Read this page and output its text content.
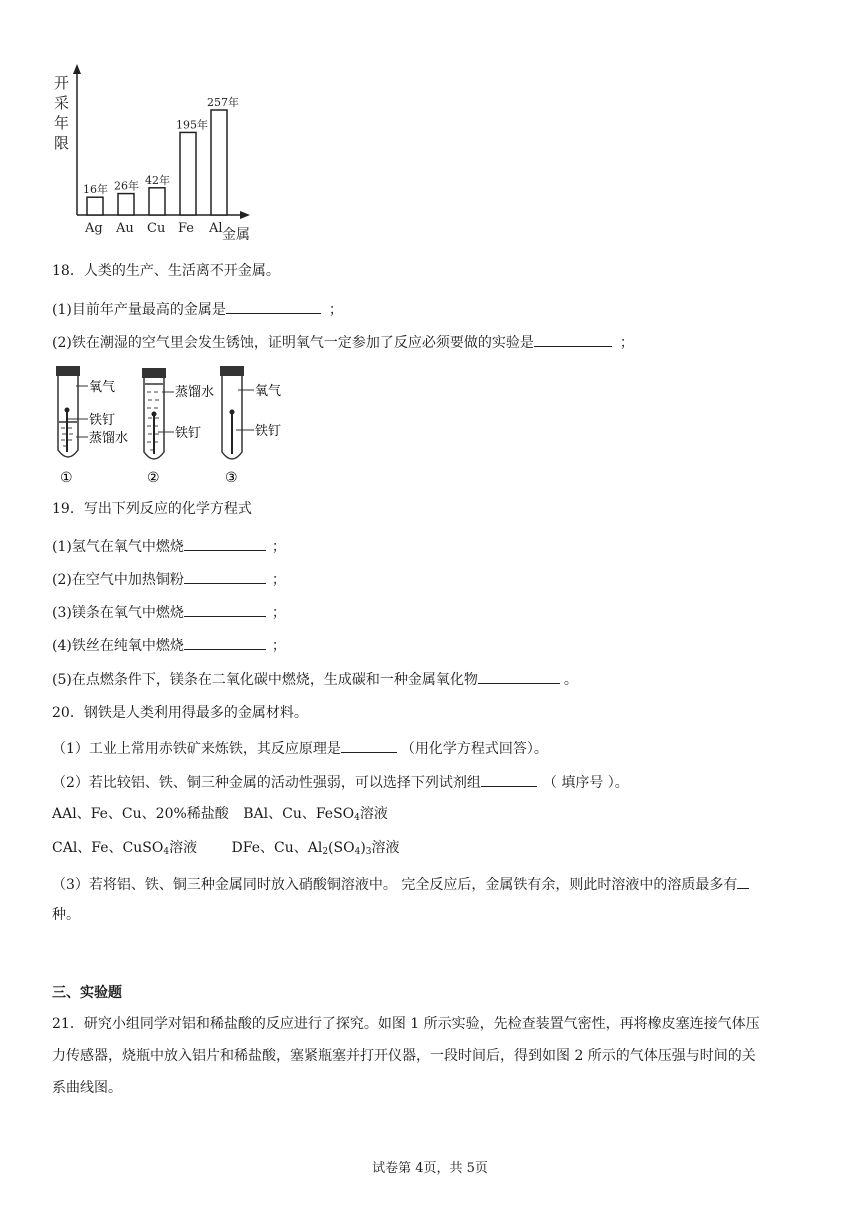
开
采
年
限
金属
16年
Ag
26年
Au
42年
Cu
195年
Fe
257年
Al
18．人类的生产、生活离不开金属。
(1)目前年产量最高的金属是	；
(2)铁在潮湿的空气里会发生锈蚀，证明氧气一定参加了反应必须要做的实验是	；
氧气
铁钉
蒸馏水
①
蒸馏水
铁钉
②
氧气
铁钉
③
19．写出下列反应的化学方程式
(1)氢气在氧气中燃烧	；
(2)在空气中加热铜粉	；
(3)镁条在氧气中燃烧	；
(4)铁丝在纯氧中燃烧	；
(5)在点燃条件下，镁条在二氧化碳中燃烧，生成碳和一种金属氧化物	。
20．钢铁是人类利用得最多的金属材料。
（1）工业上常用赤铁矿来炼铁，其反应原理是	（用化学方程式回答）。
（2）若比较铝、铁、铜三种金属的活动性强弱，可以选择下列试剂组	（ 填序号 ）。
AAl、Fe、Cu、20%稀盐酸 BAl、Cu、FeSO$_4$溶液
CAl、Fe、CuSO$_4$溶液 DFe、Cu、$Al_2(SO_4)_3$溶液
（3）若将铝、铁、铜三种金属同时放入硝酸铜溶液中。 完全反应后，金属铁有余，则此时溶液中的溶质最多有
种。
三、实验题
21．研究小组同学对铝和稀盐酸的反应进行了探究。如图 1 所示实验，先检查装置气密性，再将橡皮塞连接气体压
力传感器，烧瓶中放入铝片和稀盐酸，塞紧瓶塞并打开仪器，一段时间后，得到如图 2 所示的气体压强与时间的关
系曲线图。
试卷第 4页，共 5页
